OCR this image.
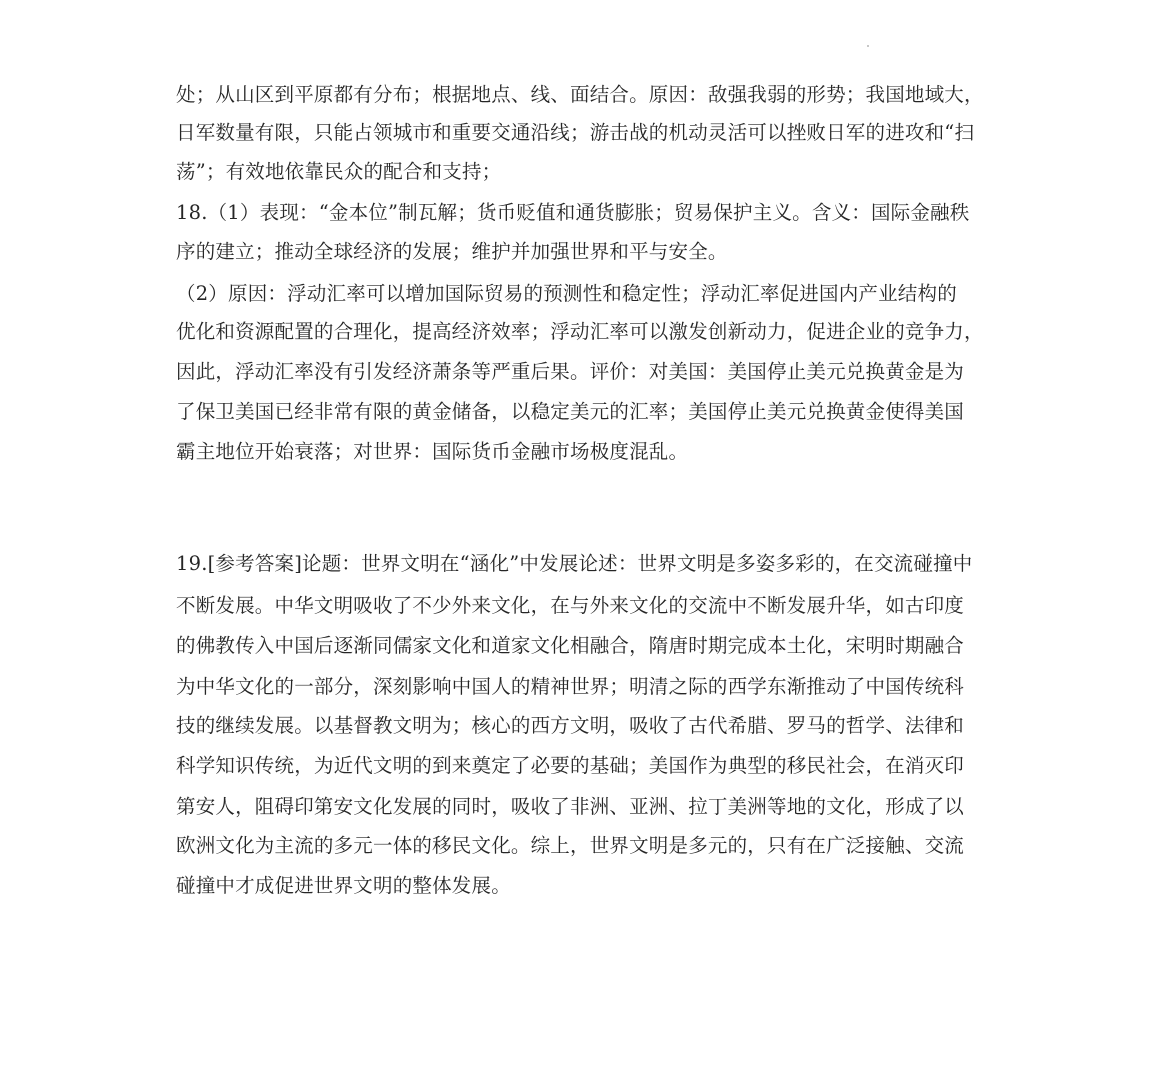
处；从山区到平原都有分布；根据地点、线、面结合。原因：敌强我弱的形势；我国地域大，
日军数量有限，只能占领城市和重要交通沿线；游击战的机动灵活可以挫败日军的进攻和“扫
荡”；有效地依靠民众的配合和支持；
18.（1）表现：“金本位”制瓦解；货币贬值和通货膨胀；贸易保护主义。含义：国际金融秩
序的建立；推动全球经济的发展；维护并加强世界和平与安全。
（2）原因：浮动汇率可以增加国际贸易的预测性和稳定性；浮动汇率促进国内产业结构的
优化和资源配置的合理化，提高经济效率；浮动汇率可以激发创新动力，促进企业的竞争力，
因此，浮动汇率没有引发经济萧条等严重后果。评价：对美国：美国停止美元兑换黄金是为
了保卫美国已经非常有限的黄金储备，以稳定美元的汇率；美国停止美元兑换黄金使得美国
霸主地位开始衰落；对世界：国际货币金融市场极度混乱。
19.[参考答案]论题：世界文明在“涵化”中发展论述：世界文明是多姿多彩的，在交流碰撞中
不断发展。中华文明吸收了不少外来文化，在与外来文化的交流中不断发展升华，如古印度
的佛教传入中国后逐渐同儒家文化和道家文化相融合，隋唐时期完成本土化，宋明时期融合
为中华文化的一部分，深刻影响中国人的精神世界；明清之际的西学东渐推动了中国传统科
技的继续发展。以基督教文明为；核心的西方文明，吸收了古代希腊、罗马的哲学、法律和
科学知识传统，为近代文明的到来奠定了必要的基础；美国作为典型的移民社会，在消灭印
第安人，阻碍印第安文化发展的同时，吸收了非洲、亚洲、拉丁美洲等地的文化，形成了以
欧洲文化为主流的多元一体的移民文化。综上，世界文明是多元的，只有在广泛接触、交流
碰撞中才成促进世界文明的整体发展。
